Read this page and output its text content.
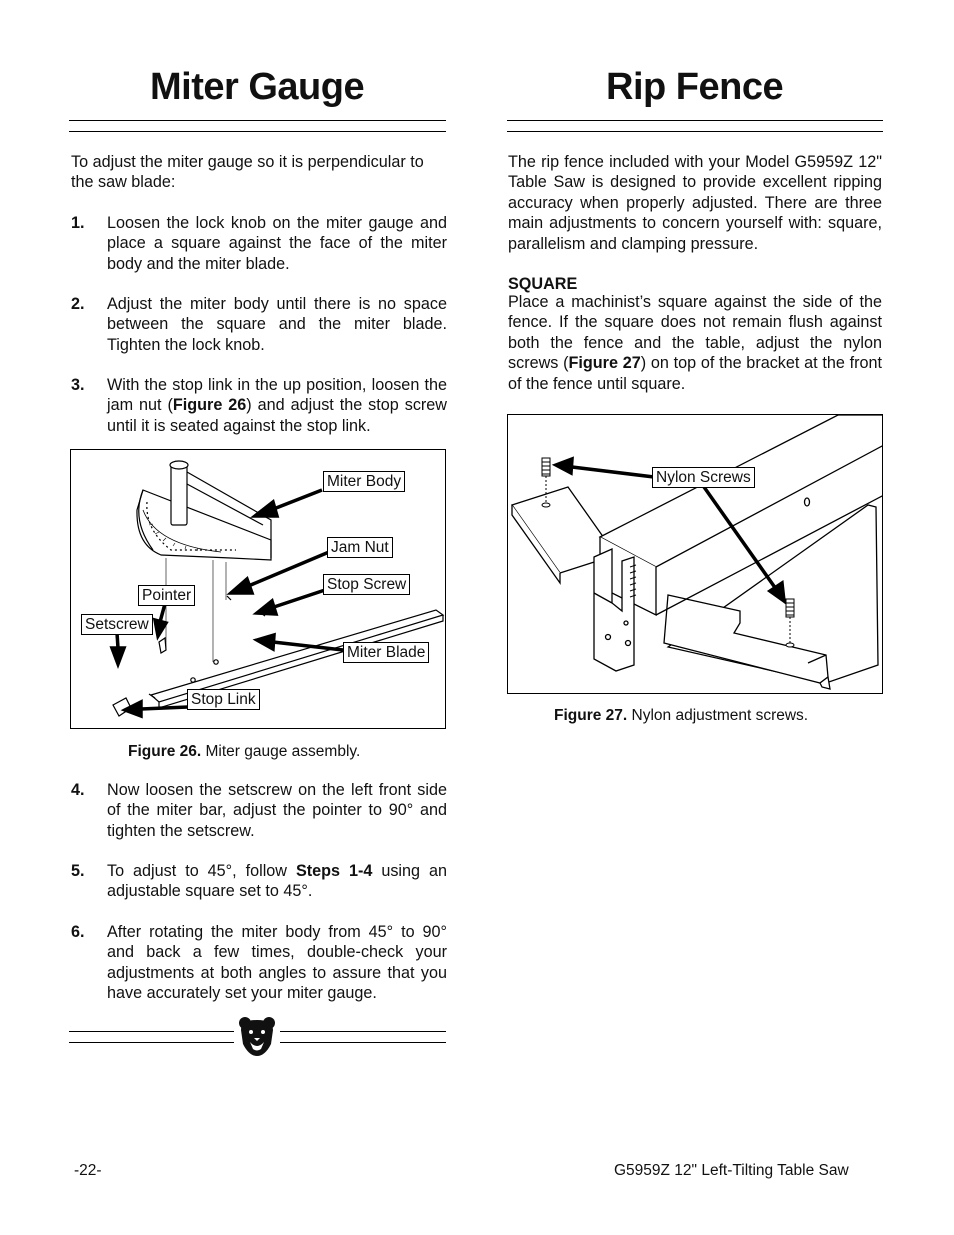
Miter Gauge
To adjust the miter gauge so it is perpendicular to the saw blade:
1. Loosen the lock knob on the miter gauge and place a square against the face of the miter body and the miter blade.
2. Adjust the miter body until there is no space between the square and the miter blade. Tighten the lock knob.
3. With the stop link in the up position, loosen the jam nut (Figure 26) and adjust the stop screw until it is seated against the stop link.
Miter Body
Jam Nut
Stop Screw
Pointer
Setscrew
Miter Blade
Stop Link
Figure 26. Miter gauge assembly.
4. Now loosen the setscrew on the left front side of the miter bar, adjust the pointer to 90° and tighten the setscrew.
5. To adjust to 45°, follow Steps 1-4 using an adjustable square set to 45°.
6. After rotating the miter body from 45° to 90° and back a few times, double-check your adjustments at both angles to assure that you have accurately set your miter gauge.
Rip Fence
The rip fence included with your Model G5959Z 12" Table Saw is designed to provide excellent ripping accuracy when properly adjusted. There are three main adjustments to concern yourself with: square, parallelism and clamping pressure.
SQUARE
Place a machinist’s square against the side of the fence. If the square does not remain flush against both the fence and the table, adjust the nylon screws (Figure 27) on top of the bracket at the front of the fence until square.
Nylon Screws
Figure 27. Nylon adjustment screws.
-22-	G5959Z 12" Left-Tilting Table Saw
